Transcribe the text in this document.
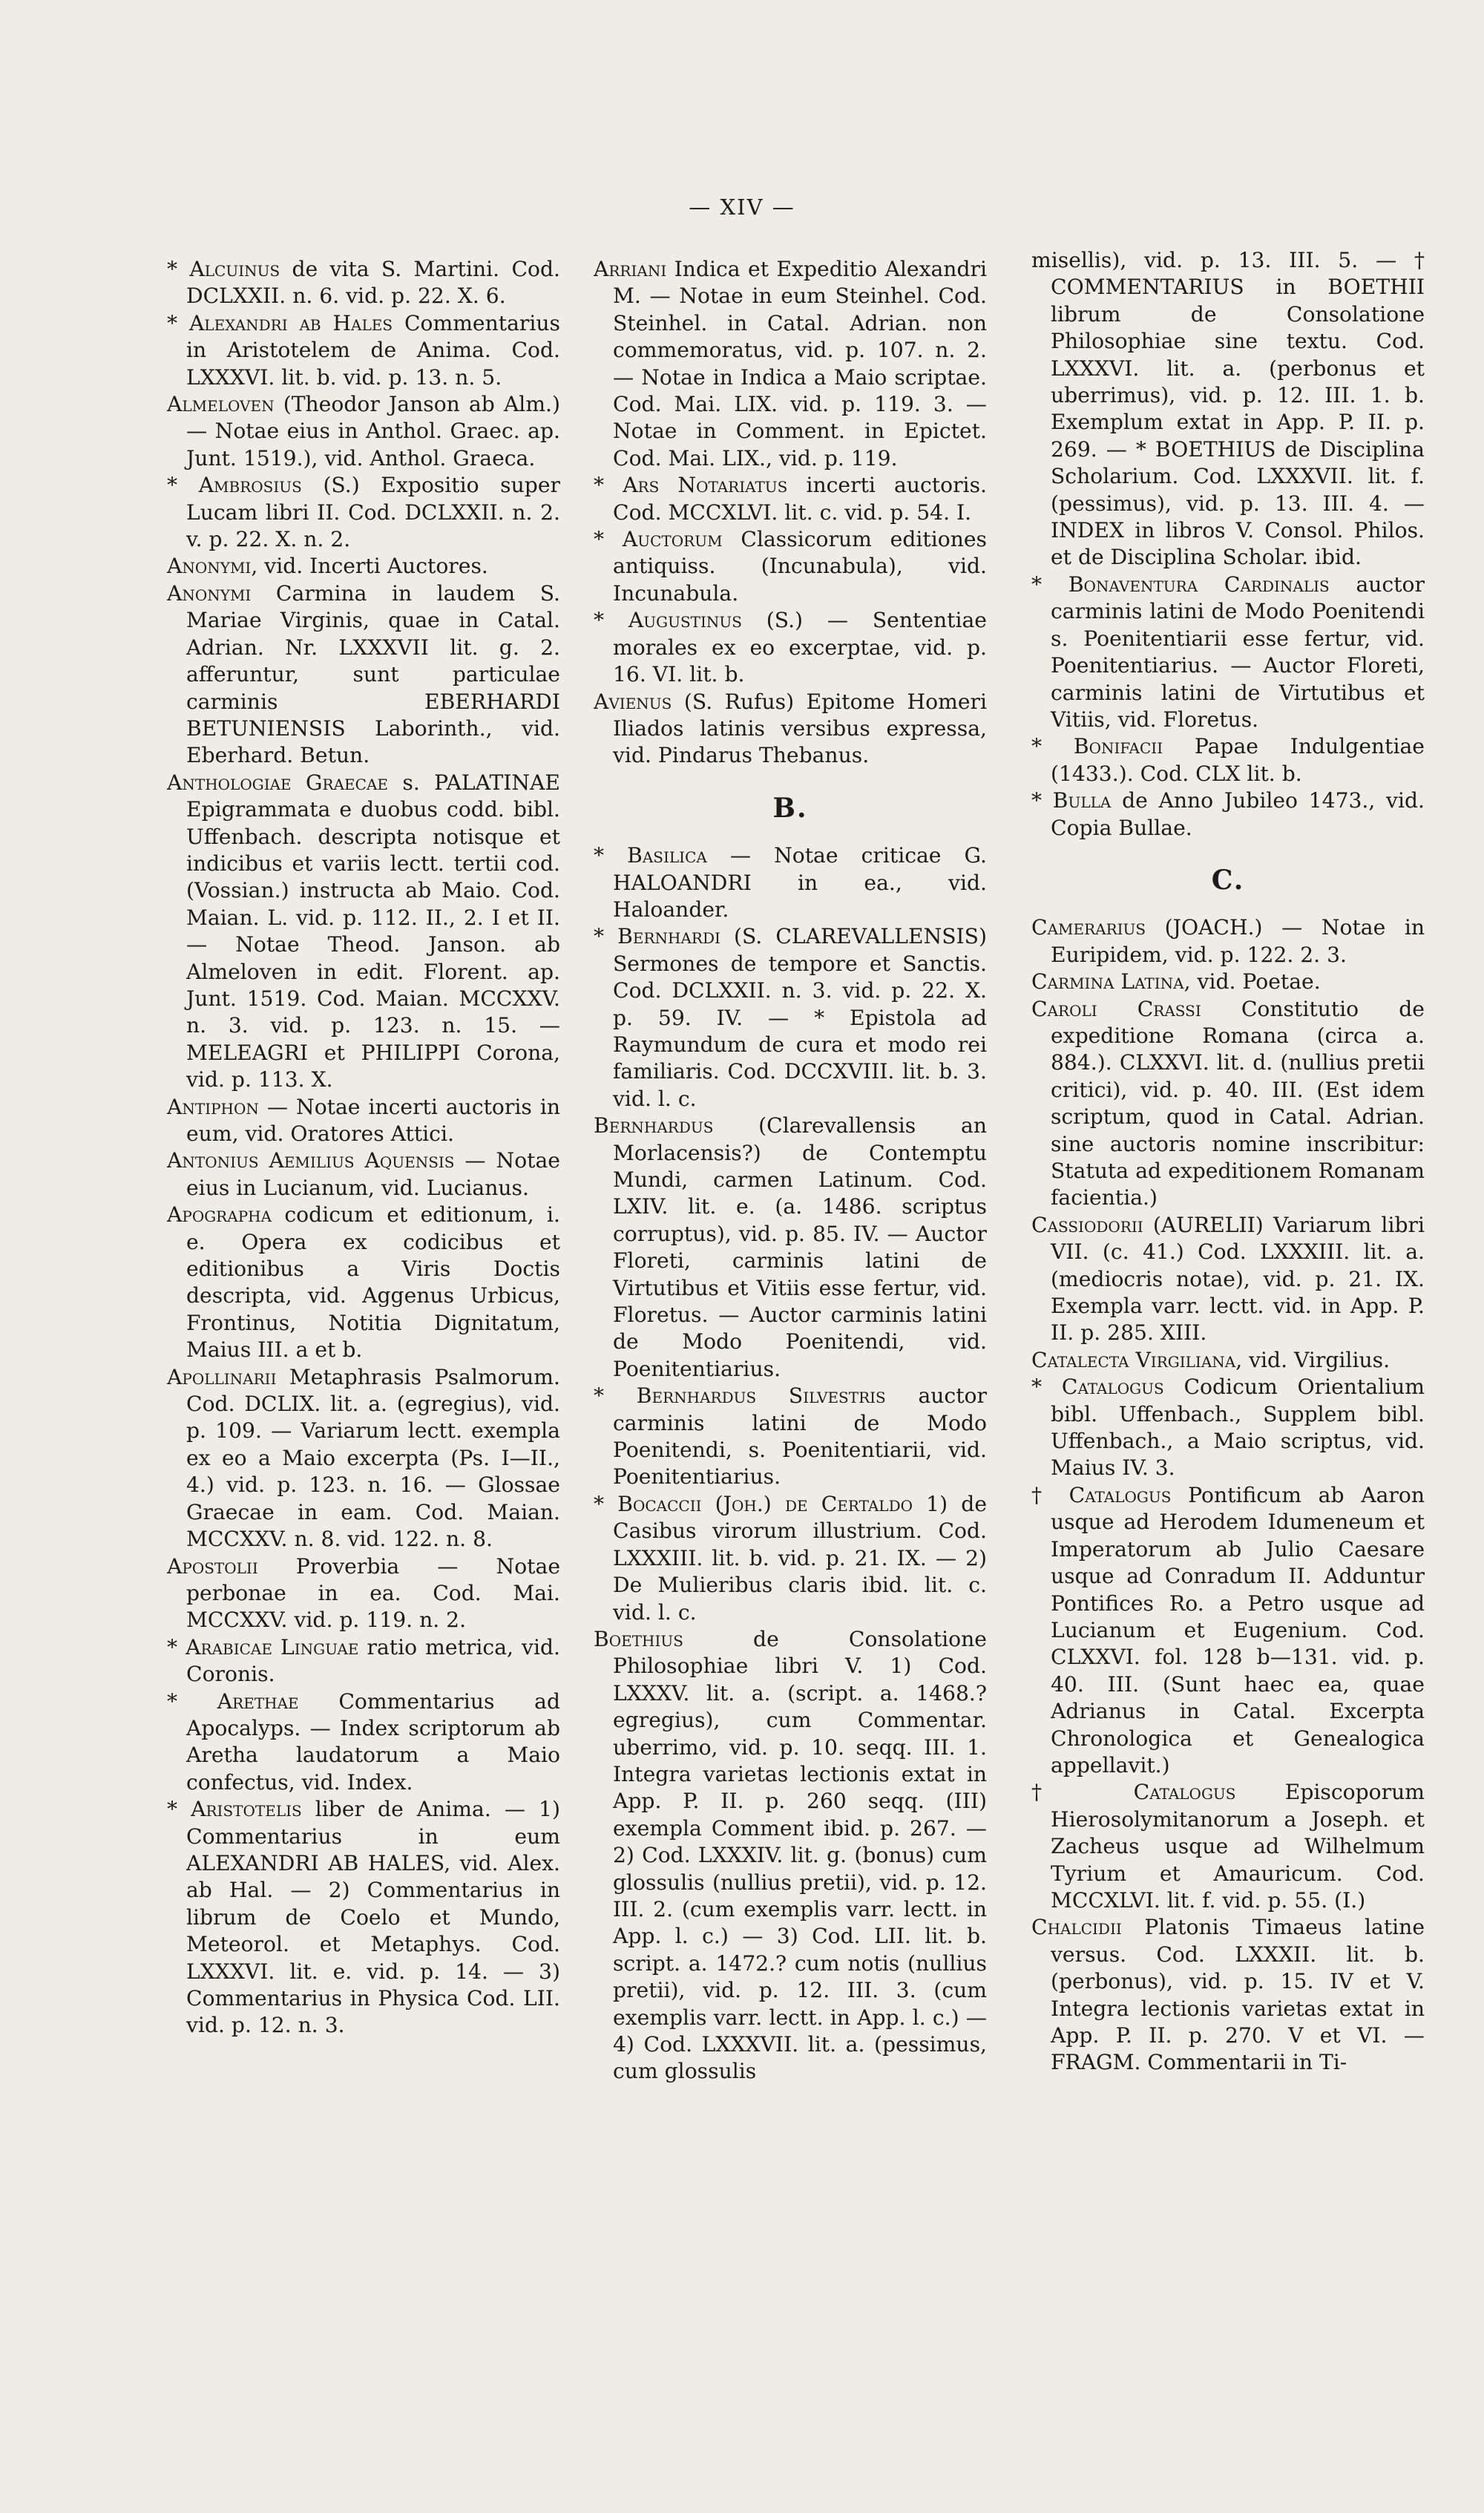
— XIV —

* Alcuinus de vita S. Martini. Cod. DCLXXII. n. 6. vid. p. 22. X. 6.

* Alexandri ab Hales Commentarius in Aristotelem de Anima. Cod. LXXXVI. lit. b. vid. p. 13. n. 5.

Almeloven (Theodor Janson ab Alm.) — Notae eius in Anthol. Graec. ap. Junt. 1519.), vid. Anthol. Graeca.

* Ambrosius (S.) Expositio super Lucam libri II. Cod. DCLXXII. n. 2. v. p. 22. X. n. 2.

Anonymi, vid. Incerti Auctores.

Anonymi Carmina in laudem S. Mariae Virginis, quae in Catal. Adrian. Nr. LXXXVII lit. g. 2. afferuntur, sunt particulae carminis EBERHARDI BETUNIENSIS Laborinth., vid. Eberhard. Betun.

Anthologiae Graecae s. PALATINAE Epigrammata e duobus codd. bibl. Uffenbach. descripta notisque et indicibus et variis lectt. tertii cod. (Vossian.) instructa ab Maio. Cod. Maian. L. vid. p. 112. II., 2. I et II. — Notae Theod. Janson. ab Almeloven in edit. Florent. ap. Junt. 1519. Cod. Maian. MCCXXV. n. 3. vid. p. 123. n. 15. — MELEAGRI et PHILIPPI Corona, vid. p. 113. X.

Antiphon — Notae incerti auctoris in eum, vid. Oratores Attici.

Antonius Aemilius Aquensis — Notae eius in Lucianum, vid. Lucianus.

Apographa codicum et editionum, i. e. Opera ex codicibus et editionibus a Viris Doctis descripta, vid. Aggenus Urbicus, Frontinus, Notitia Dignitatum, Maius III. a et b.

Apollinarii Metaphrasis Psalmorum. Cod. DCLIX. lit. a. (egregius), vid. p. 109. — Variarum lectt. exempla ex eo a Maio excerpta (Ps. I—II., 4.) vid. p. 123. n. 16. — Glossae Graecae in eam. Cod. Maian. MCCXXV. n. 8. vid. 122. n. 8.

Apostolii Proverbia — Notae perbonae in ea. Cod. Mai. MCCXXV. vid. p. 119. n. 2.

* Arabicae Linguae ratio metrica, vid. Coronis.

* Arethae Commentarius ad Apocalyps. — Index scriptorum ab Aretha laudatorum a Maio confectus, vid. Index.

* Aristotelis liber de Anima. — 1) Commentarius in eum ALEXANDRI AB HALES, vid. Alex. ab Hal. — 2) Commentarius in librum de Coelo et Mundo, Meteorol. et Metaphys. Cod. LXXXVI. lit. e. vid. p. 14. — 3) Commentarius in Physica Cod. LII. vid. p. 12. n. 3.

Arriani Indica et Expeditio Alexandri M. — Notae in eum Steinhel. Cod. Steinhel. in Catal. Adrian. non commemoratus, vid. p. 107. n. 2. — Notae in Indica a Maio scriptae. Cod. Mai. LIX. vid. p. 119. 3. — Notae in Comment. in Epictet. Cod. Mai. LIX., vid. p. 119.

* Ars Notariatus incerti auctoris. Cod. MCCXLVI. lit. c. vid. p. 54. I.

* Auctorum Classicorum editiones antiquiss. (Incunabula), vid. Incunabula.

* Augustinus (S.) — Sententiae morales ex eo excerptae, vid. p. 16. VI. lit. b.

Avienus (S. Rufus) Epitome Homeri Iliados latinis versibus expressa, vid. Pindarus Thebanus.

B.

* Basilica — Notae criticae G. HALOANDRI in ea., vid. Haloander.

* Bernhardi (S. CLAREVALLENSIS) Sermones de tempore et Sanctis. Cod. DCLXXII. n. 3. vid. p. 22. X. p. 59. IV. — * Epistola ad Raymundum de cura et modo rei familiaris. Cod. DCCXVIII. lit. b. 3. vid. l. c.

Bernhardus (Clarevallensis an Morlacensis?) de Contemptu Mundi, carmen Latinum. Cod. LXIV. lit. e. (a. 1486. scriptus corruptus), vid. p. 85. IV. — Auctor Floreti, carminis latini de Virtutibus et Vitiis esse fertur, vid. Floretus. — Auctor carminis latini de Modo Poenitendi, vid. Poenitentiarius.

* Bernhardus Silvestris auctor carminis latini de Modo Poenitendi, s. Poenitentiarii, vid. Poenitentiarius.

* Bocaccii (Joh.) de Certaldo 1) de Casibus virorum illustrium. Cod. LXXXIII. lit. b. vid. p. 21. IX. — 2) De Mulieribus claris ibid. lit. c. vid. l. c.

Boethius de Consolatione Philosophiae libri V. 1) Cod. LXXXV. lit. a. (script. a. 1468.? egregius), cum Commentar. uberrimo, vid. p. 10. seqq. III. 1. Integra varietas lectionis extat in App. P. II. p. 260 seqq. (III) exempla Comment ibid. p. 267. — 2) Cod. LXXXIV. lit. g. (bonus) cum glossulis (nullius pretii), vid. p. 12. III. 2. (cum exemplis varr. lectt. in App. l. c.) — 3) Cod. LII. lit. b. script. a. 1472.? cum notis (nullius pretii), vid. p. 12. III. 3. (cum exemplis varr. lectt. in App. l. c.) — 4) Cod. LXXXVII. lit. a. (pessimus, cum glossulis

misellis), vid. p. 13. III. 5. — † COMMENTARIUS in BOETHII librum de Consolatione Philosophiae sine textu. Cod. LXXXVI. lit. a. (perbonus et uberrimus), vid. p. 12. III. 1. b. Exemplum extat in App. P. II. p. 269. — * BOETHIUS de Disciplina Scholarium. Cod. LXXXVII. lit. f. (pessimus), vid. p. 13. III. 4. — INDEX in libros V. Consol. Philos. et de Disciplina Scholar. ibid.

* Bonaventura Cardinalis auctor carminis latini de Modo Poenitendi s. Poenitentiarii esse fertur, vid. Poenitentiarius. — Auctor Floreti, carminis latini de Virtutibus et Vitiis, vid. Floretus.

* Bonifacii Papae Indulgentiae (1433.). Cod. CLX lit. b.

* Bulla de Anno Jubileo 1473., vid. Copia Bullae.

C.

Camerarius (JOACH.) — Notae in Euripidem, vid. p. 122. 2. 3.

Carmina Latina, vid. Poetae.

Caroli Crassi Constitutio de expeditione Romana (circa a. 884.). CLXXVI. lit. d. (nullius pretii critici), vid. p. 40. III. (Est idem scriptum, quod in Catal. Adrian. sine auctoris nomine inscribitur: Statuta ad expeditionem Romanam facientia.)

Cassiodorii (AURELII) Variarum libri VII. (c. 41.) Cod. LXXXIII. lit. a. (mediocris notae), vid. p. 21. IX. Exempla varr. lectt. vid. in App. P. II. p. 285. XIII.

Catalecta Virgiliana, vid. Virgilius.

* Catalogus Codicum Orientalium bibl. Uffenbach., Supplem bibl. Uffenbach., a Maio scriptus, vid. Maius IV. 3.

† Catalogus Pontificum ab Aaron usque ad Herodem Idumeneum et Imperatorum ab Julio Caesare usque ad Conradum II. Adduntur Pontifices Ro. a Petro usque ad Lucianum et Eugenium. Cod. CLXXVI. fol. 128 b—131. vid. p. 40. III. (Sunt haec ea, quae Adrianus in Catal. Excerpta Chronologica et Genealogica appellavit.)

† Catalogus Episcoporum Hierosolymitanorum a Joseph. et Zacheus usque ad Wilhelmum Tyrium et Amauricum. Cod. MCCXLVI. lit. f. vid. p. 55. (I.)

Chalcidii Platonis Timaeus latine versus. Cod. LXXXII. lit. b. (perbonus), vid. p. 15. IV et V. Integra lectionis varietas extat in App. P. II. p. 270. V et VI. — FRAGM. Commentarii in Ti-
